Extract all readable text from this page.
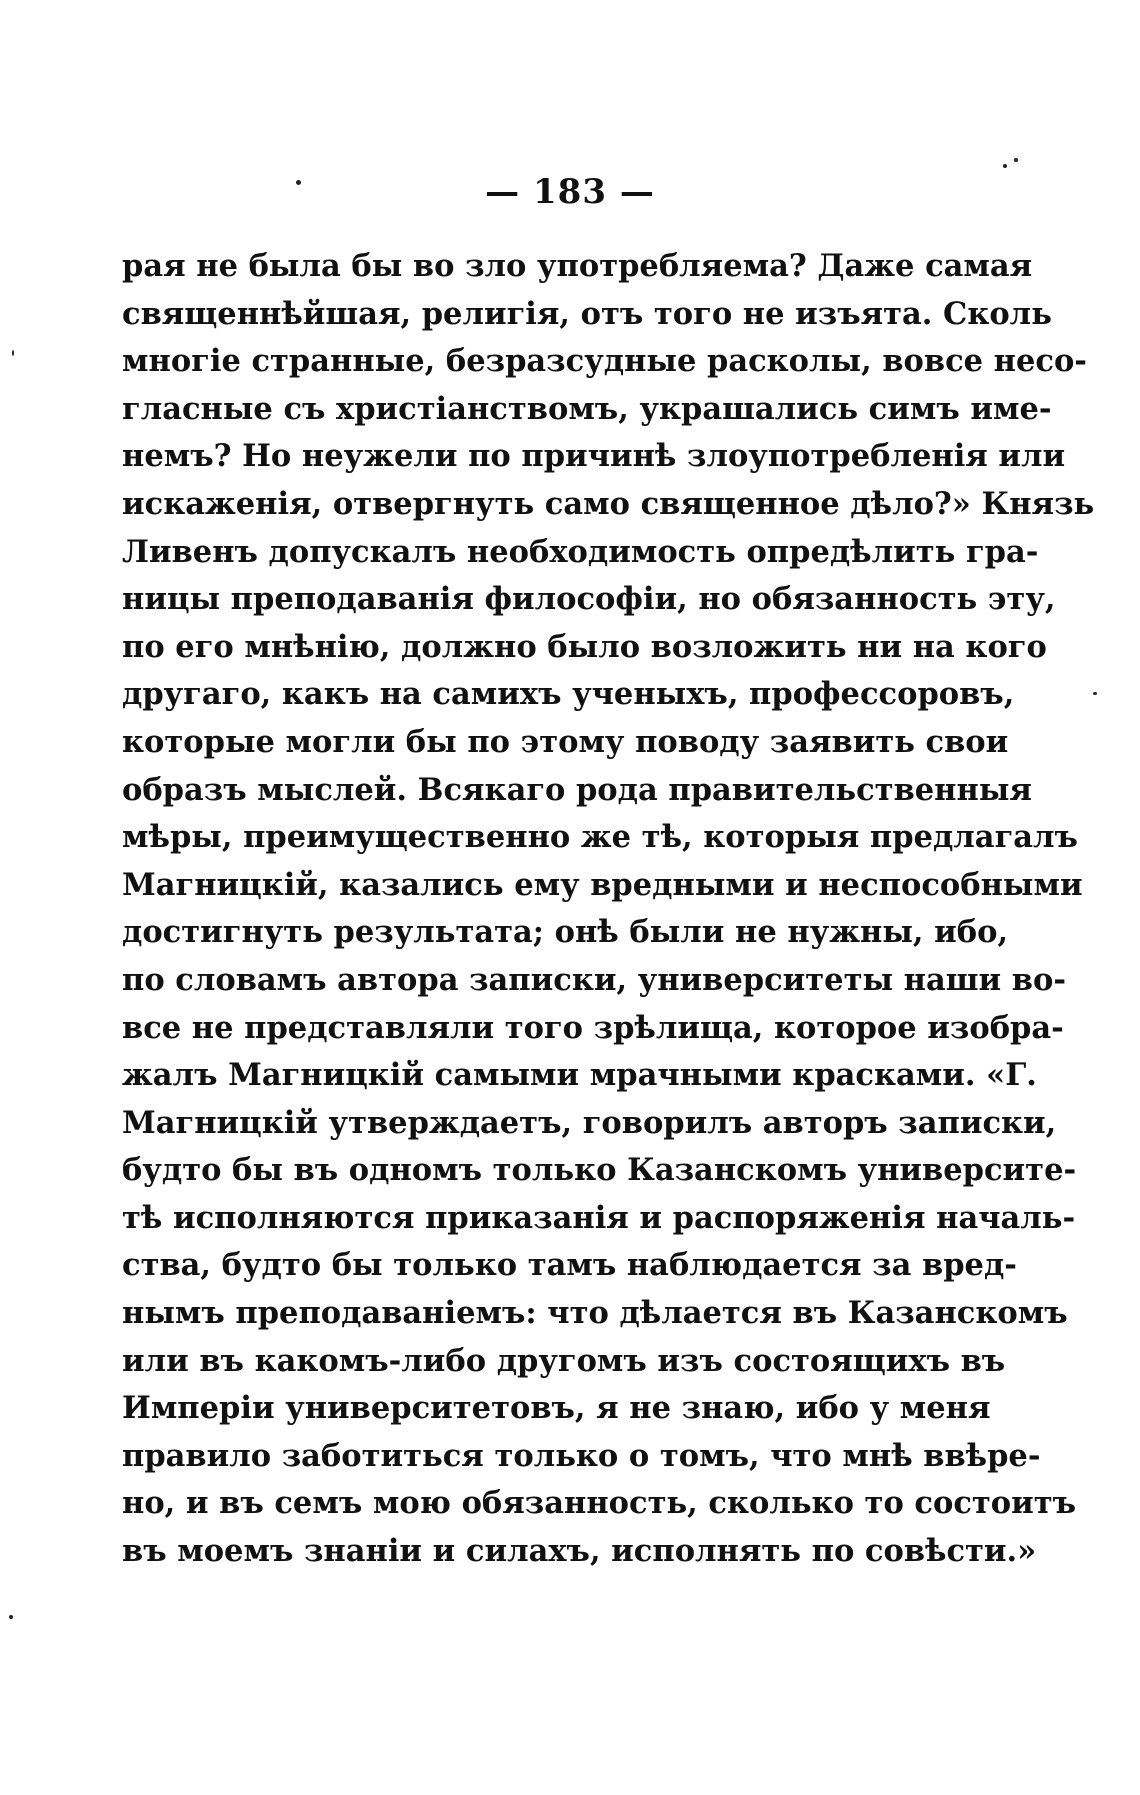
— 183 —
рая не была бы во зло употребляема? Даже самая
священнѣйшая, религія, отъ того не изъята. Сколь
многіе странные, безразсудные расколы, вовсе несо-
гласные съ христіанствомъ, украшались симъ име-
немъ? Но неужели по причинѣ злоупотребленія или
искаженія, отвергнуть само священное дѣло?» Князь
Ливенъ допускалъ необходимость опредѣлить гра-
ницы преподаванія философіи, но обязанность эту,
по его мнѣнію, должно было возложить ни на кого
другаго, какъ на самихъ ученыхъ, профессоровъ,
которые могли бы по этому поводу заявить свои
образъ мыслей. Всякаго рода правительственныя
мѣры, преимущественно же тѣ, которыя предлагалъ
Магницкій, казались ему вредными и неспособными
достигнуть результата; онѣ были не нужны, ибо,
по словамъ автора записки, университеты наши во-
все не представляли того зрѣлища, которое изобра-
жалъ Магницкій самыми мрачными красками. «Г.
Магницкій утверждаетъ, говорилъ авторъ записки,
будто бы въ одномъ только Казанскомъ университе-
тѣ исполняются приказанія и распоряженія началь-
ства, будто бы только тамъ наблюдается за вред-
нымъ преподаваніемъ: что дѣлается въ Казанскомъ
или въ какомъ-либо другомъ изъ состоящихъ въ
Имперіи университетовъ, я не знаю, ибо у меня
правило заботиться только о томъ, что мнѣ ввѣре-
но, и въ семъ мою обязанность, сколько то состоитъ
въ моемъ знаніи и силахъ, исполнять по совѣсти.»
